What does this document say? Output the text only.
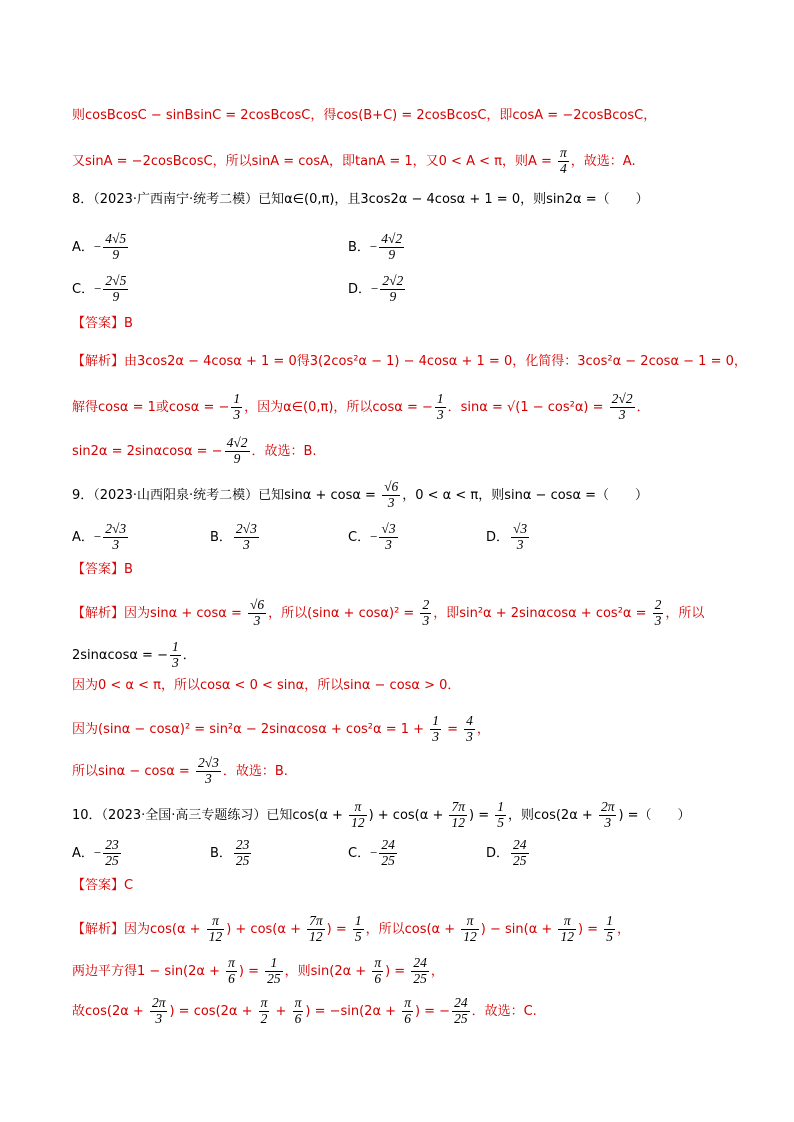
则cosBcosC − sinBsinC = 2cosBcosC，得cos(B+C) = 2cosBcosC，即cosA = −2cosBcosC，
又sinA = −2cosBcosC，所以sinA = cosA，即tanA = 1，又0 < A < π，则$A = \frac{\pi}{4}$ ，故选：A.
8．（2023·广西南宁·统考二模）已知α∈(0,π)，且3cos2α − 4cosα + 1 = 0，则sin2α =（　　）
A．− $\frac{4√5}{9}$	B．− $\frac{4√2}{9}$
C．− $\frac{2√5}{9}$	D．− $\frac{2√2}{9}$
【答案】B
【解析】由3cos2α − 4cosα + 1 = 0得3(2cos²α − 1) − 4cosα + 1 = 0，化简得：3cos²α − 2cosα − 1 = 0，
解得cosα = 1或cosα = − $\frac{1}{3}$ ，因为α∈(0,π)，所以cosα = − $\frac{1}{3}$ ．$\sin\alpha = √(1 - \cos^2\alpha) = \frac{2√2}{3}$ ．
sin2α = 2sinαcosα = − $\frac{4√2}{9}$ ．故选：B.
9．（2023·山西阳泉·统考二模）已知$\sin\alpha + \cos\alpha = \frac{√6}{3}$ ，0 < α < π，则sinα − cosα =（　　）
A．− $\frac{2√3}{3}$	B． $\frac{2√3}{3}$	C．− $\frac{√3}{3}$	D． $\frac{√3}{3}$
【答案】B
【解析】因为$\sin\alpha + \cos\alpha = \frac{√6}{3}$ ，所以$(\sin\alpha + \cos\alpha)^2 = \frac{2}{3}$ ，即$\sin^2\alpha + 2\sin\alpha\cos\alpha + \cos^2\alpha = \frac{2}{3}$ ，所以
2sinαcosα = − $\frac{1}{3}$ ．
因为0 < α < π，所以cosα < 0 < sinα，所以sinα − cosα > 0．
因为$(\sin\alpha - \cos\alpha)^2 = \sin^2\alpha - 2\sin\alpha\cos\alpha + \cos^2\alpha = 1 + \frac{1}{3} = \frac{4}{3}$ ，
所以$\sin\alpha - \cos\alpha = \frac{2√3}{3}$ ．故选：B.
10．（2023·全国·高三专题练习）已知$\cos(\alpha + \frac{\pi}{12}$ ) + $\cos(\alpha + \frac{7\pi}{12}$ ) = $\frac{1}{5}$ ，则$\cos(2\alpha + \frac{2\pi}{3}$ ) =（　　）
A．− $\frac{23}{25}$	B． $\frac{23}{25}$	C．− $\frac{24}{25}$	D． $\frac{24}{25}$
【答案】C
【解析】因为$\cos(\alpha + \frac{\pi}{12}$ ) + $\cos(\alpha + \frac{7\pi}{12}$ ) = $\frac{1}{5}$ ，所以$\cos(\alpha + \frac{\pi}{12}$ ) − $\sin(\alpha + \frac{\pi}{12}$ ) = $\frac{1}{5}$ ，
两边平方得$1 - \sin(2\alpha + \frac{\pi}{6}$ ) = $\frac{1}{25}$ ，则$\sin(2\alpha + \frac{\pi}{6}$ ) = $\frac{24}{25}$ ，
故$\cos(2\alpha + \frac{2\pi}{3}$ ) = $\cos(2\alpha + \frac{\pi}{2} + \frac{\pi}{6}$ ) = $-\sin(2\alpha + \frac{\pi}{6}$ ) = − $\frac{24}{25}$ ．故选：C.
